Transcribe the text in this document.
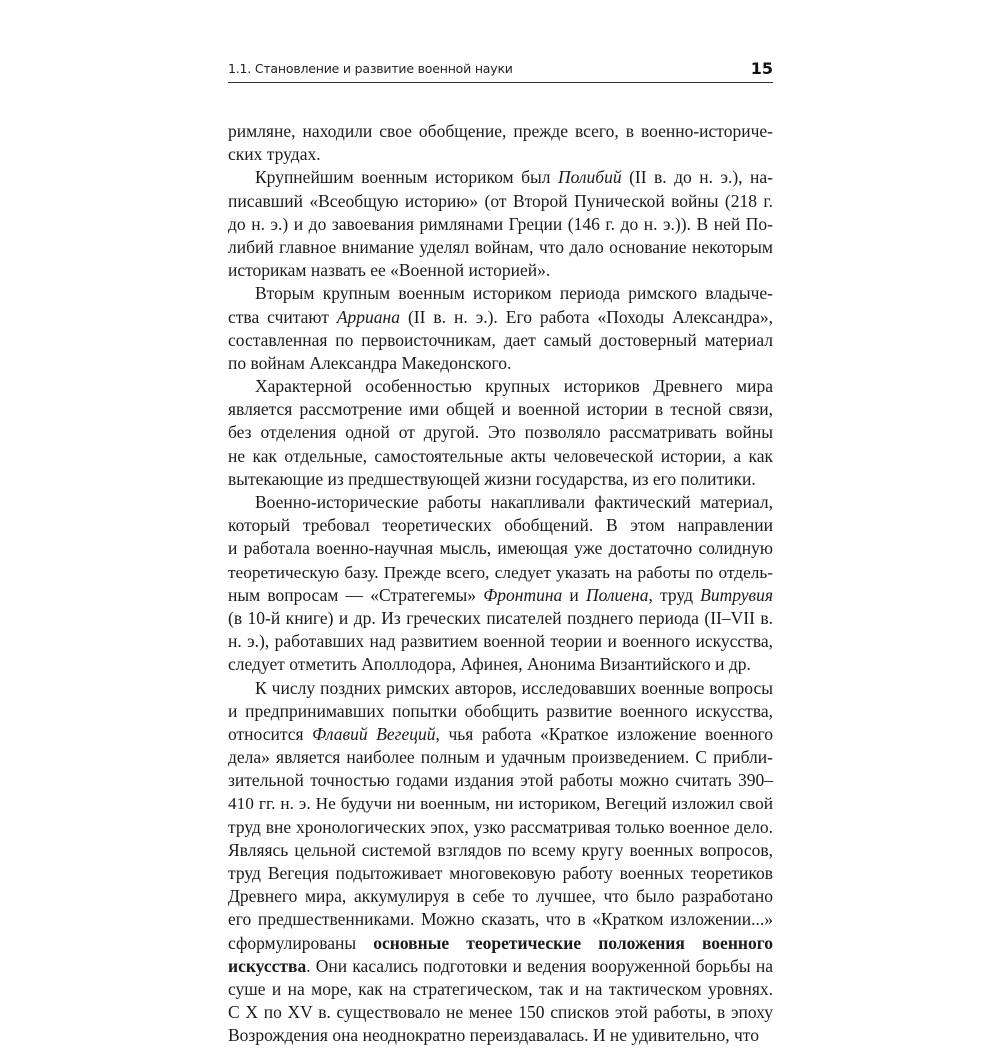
1.1. Становление и развитие военной науки	15
римляне, находили свое обобщение, прежде всего, в военно-историче-
ских трудах.
Крупнейшим военным историком был Полибий (II в. до н. э.), на-
писавший «Всеобщую историю» (от Второй Пунической войны (218 г.
до н. э.) и до завоевания римлянами Греции (146 г. до н. э.)). В ней По-
либий главное внимание уделял войнам, что дало основание некоторым
историкам назвать ее «Военной историей».
Вторым крупным военным историком периода римского владыче-
ства считают Арриана (II в. н. э.). Его работа «Походы Александра»,
составленная по первоисточникам, дает самый достоверный материал
по войнам Александра Македонского.
Характерной особенностью крупных историков Древнего мира
является рассмотрение ими общей и военной истории в тесной связи,
без отделения одной от другой. Это позволяло рассматривать войны
не как отдельные, самостоятельные акты человеческой истории, а как
вытекающие из предшествующей жизни государства, из его политики.
Военно-исторические работы накапливали фактический материал,
который требовал теоретических обобщений. В этом направлении
и работала военно-научная мысль, имеющая уже достаточно солидную
теоретическую базу. Прежде всего, следует указать на работы по отдель-
ным вопросам — «Стратегемы» Фронтина и Полиена, труд Витрувия
(в 10-й книге) и др. Из греческих писателей позднего периода (II–VII в.
н. э.), работавших над развитием военной теории и военного искусства,
следует отметить Аполлодора, Афинея, Анонима Византийского и др.
К числу поздних римских авторов, исследовавших военные вопросы
и предпринимавших попытки обобщить развитие военного искусства,
относится Флавий Вегеций, чья работа «Краткое изложение военного
дела» является наиболее полным и удачным произведением. С прибли-
зительной точностью годами издания этой работы можно считать 390–
410 гг. н. э. Не будучи ни военным, ни историком, Вегеций изложил свой
труд вне хронологических эпох, узко рассматривая только военное дело.
Являясь цельной системой взглядов по всему кругу военных вопросов,
труд Вегеция подытоживает многовековую работу военных теоретиков
Древнего мира, аккумулируя в себе то лучшее, что было разработано
его предшественниками. Можно сказать, что в «Кратком изложении...»
сформулированы основные теоретические положения военного
искусства. Они касались подготовки и ведения вооруженной борьбы на
суше и на море, как на стратегическом, так и на тактическом уровнях.
С X по XV в. существовало не менее 150 списков этой работы, в эпоху
Возрождения она неоднократно переиздавалась. И не удивительно, что
